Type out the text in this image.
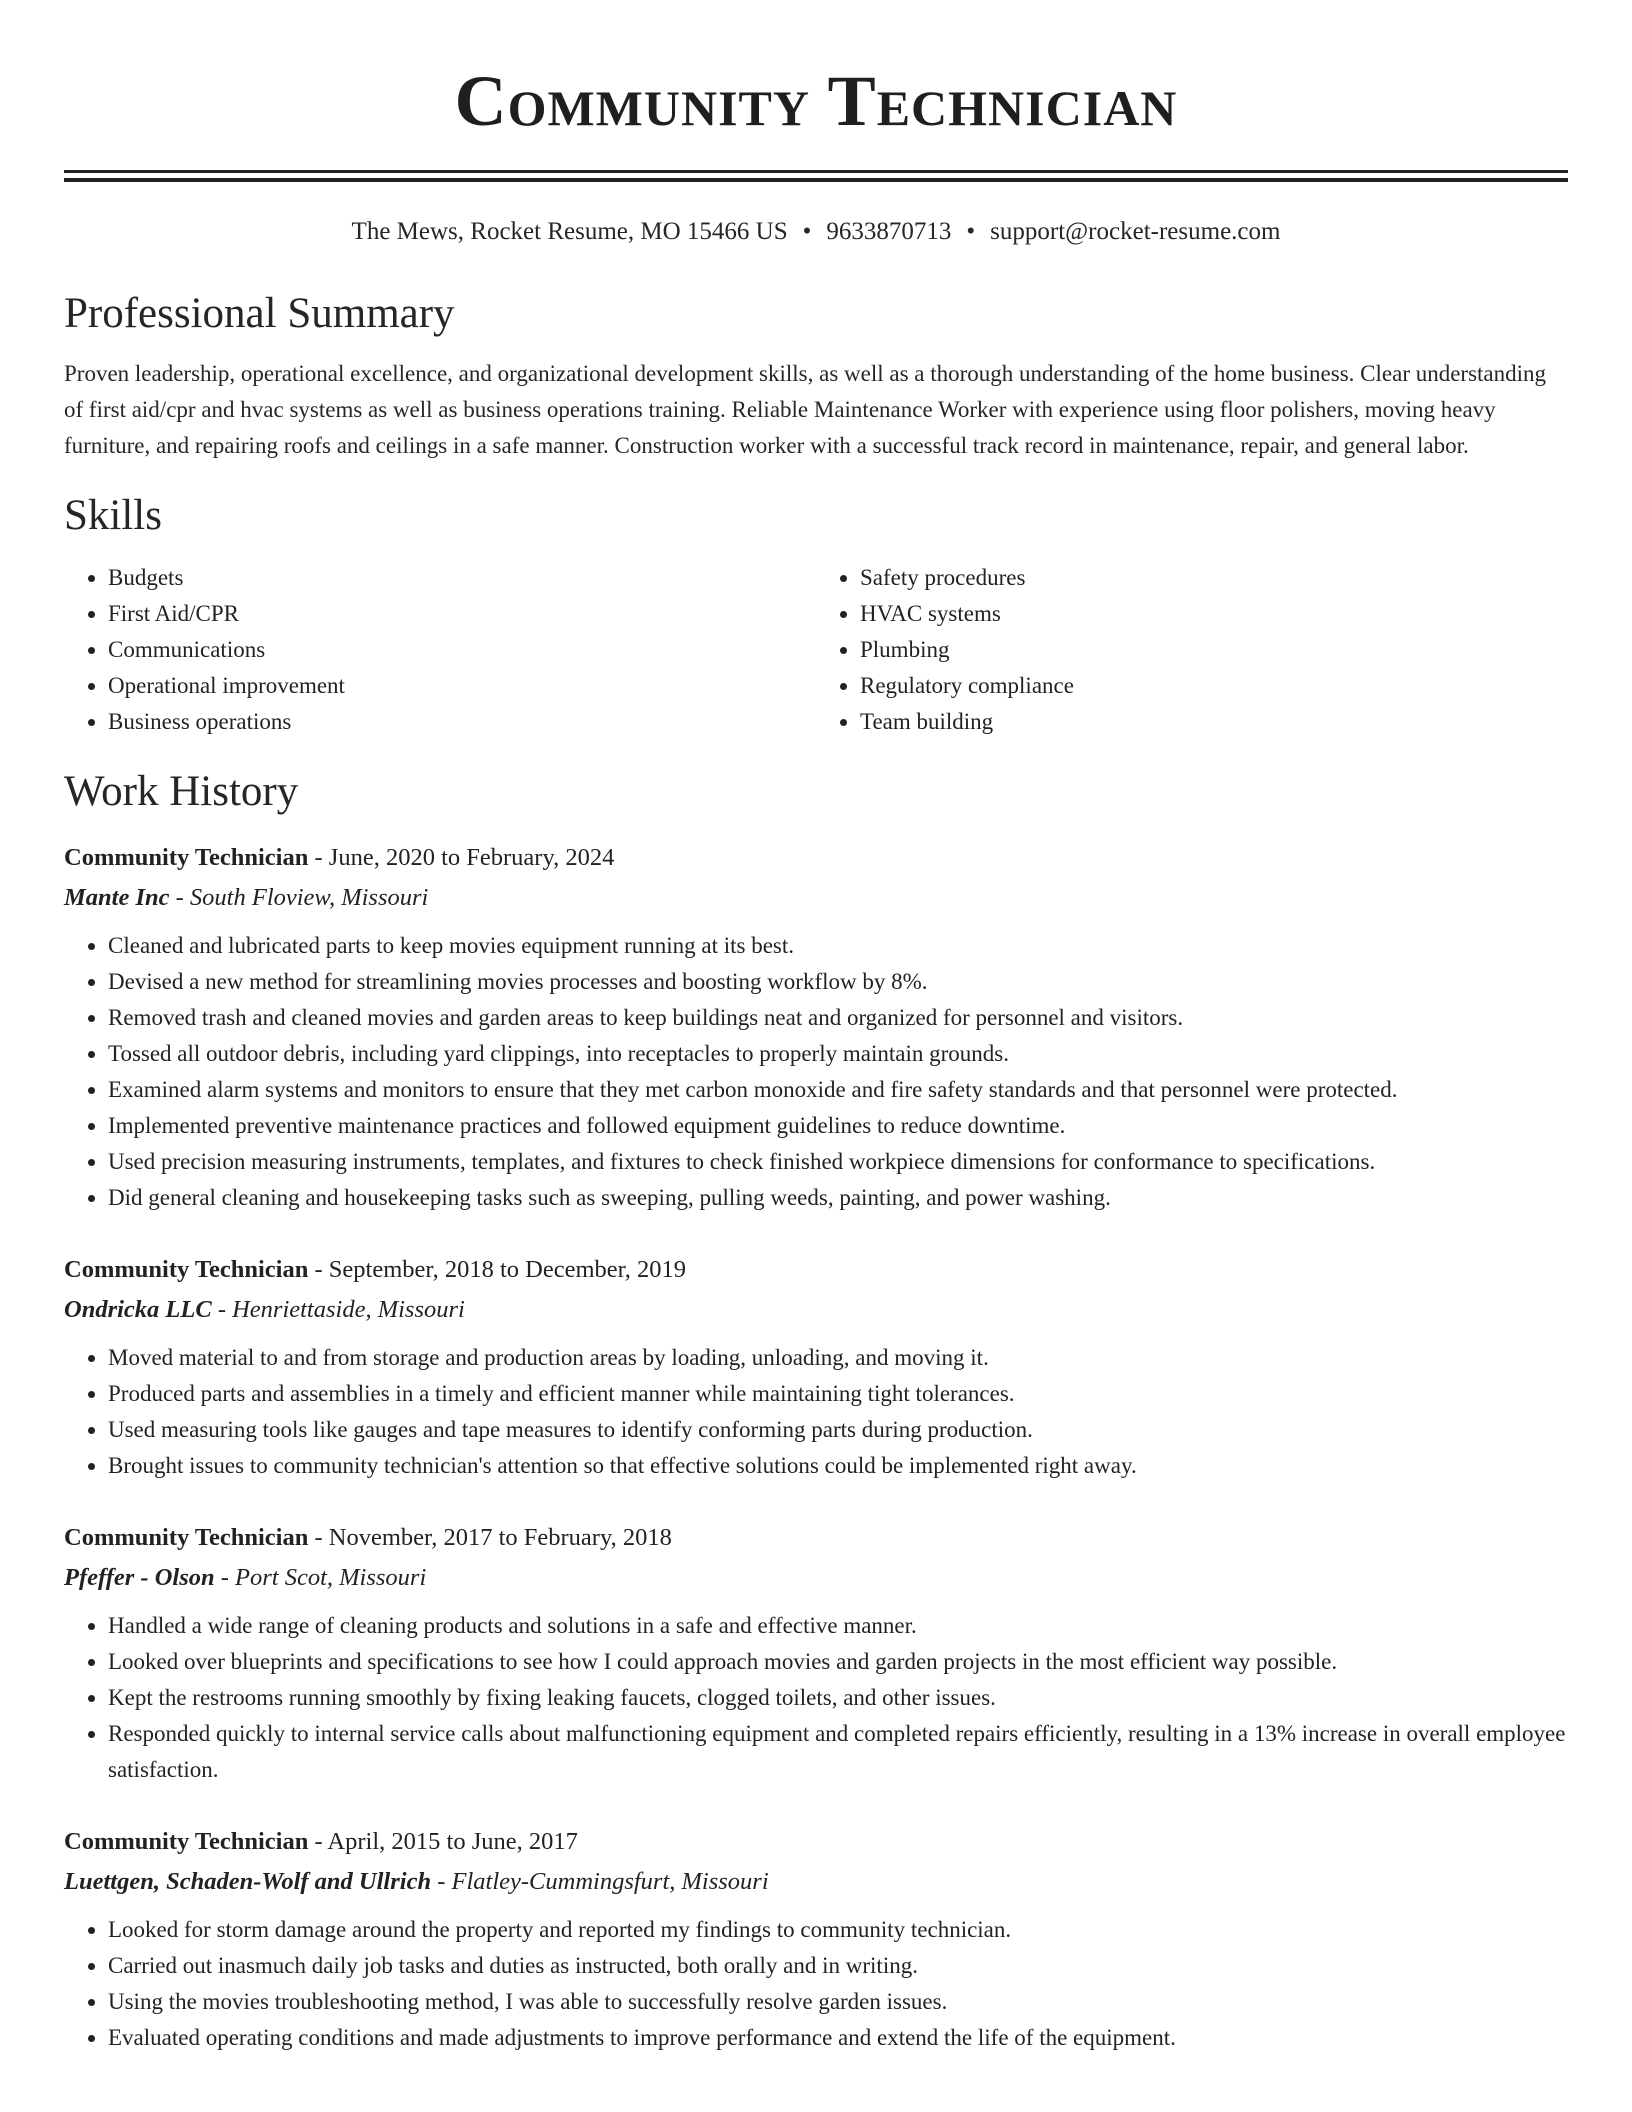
Community Technician
The Mews, Rocket Resume, MO 15466 US • 9633870713 • support@rocket-resume.com
Professional Summary
Proven leadership, operational excellence, and organizational development skills, as well as a thorough understanding of the home business. Clear understanding of first aid/cpr and hvac systems as well as business operations training. Reliable Maintenance Worker with experience using floor polishers, moving heavy furniture, and repairing roofs and ceilings in a safe manner. Construction worker with a successful track record in maintenance, repair, and general labor.
Skills
• Budgets
• First Aid/CPR
• Communications
• Operational improvement
• Business operations
• Safety procedures
• HVAC systems
• Plumbing
• Regulatory compliance
• Team building
Work History
Community Technician - June, 2020 to February, 2024
Mante Inc - South Floview, Missouri
• Cleaned and lubricated parts to keep movies equipment running at its best.
• Devised a new method for streamlining movies processes and boosting workflow by 8%.
• Removed trash and cleaned movies and garden areas to keep buildings neat and organized for personnel and visitors.
• Tossed all outdoor debris, including yard clippings, into receptacles to properly maintain grounds.
• Examined alarm systems and monitors to ensure that they met carbon monoxide and fire safety standards and that personnel were protected.
• Implemented preventive maintenance practices and followed equipment guidelines to reduce downtime.
• Used precision measuring instruments, templates, and fixtures to check finished workpiece dimensions for conformance to specifications.
• Did general cleaning and housekeeping tasks such as sweeping, pulling weeds, painting, and power washing.
Community Technician - September, 2018 to December, 2019
Ondricka LLC - Henriettaside, Missouri
• Moved material to and from storage and production areas by loading, unloading, and moving it.
• Produced parts and assemblies in a timely and efficient manner while maintaining tight tolerances.
• Used measuring tools like gauges and tape measures to identify conforming parts during production.
• Brought issues to community technician's attention so that effective solutions could be implemented right away.
Community Technician - November, 2017 to February, 2018
Pfeffer - Olson - Port Scot, Missouri
• Handled a wide range of cleaning products and solutions in a safe and effective manner.
• Looked over blueprints and specifications to see how I could approach movies and garden projects in the most efficient way possible.
• Kept the restrooms running smoothly by fixing leaking faucets, clogged toilets, and other issues.
• Responded quickly to internal service calls about malfunctioning equipment and completed repairs efficiently, resulting in a 13% increase in overall employee satisfaction.
Community Technician - April, 2015 to June, 2017
Luettgen, Schaden-Wolf and Ullrich - Flatley-Cummingsfurt, Missouri
• Looked for storm damage around the property and reported my findings to community technician.
• Carried out inasmuch daily job tasks and duties as instructed, both orally and in writing.
• Using the movies troubleshooting method, I was able to successfully resolve garden issues.
• Evaluated operating conditions and made adjustments to improve performance and extend the life of the equipment.
